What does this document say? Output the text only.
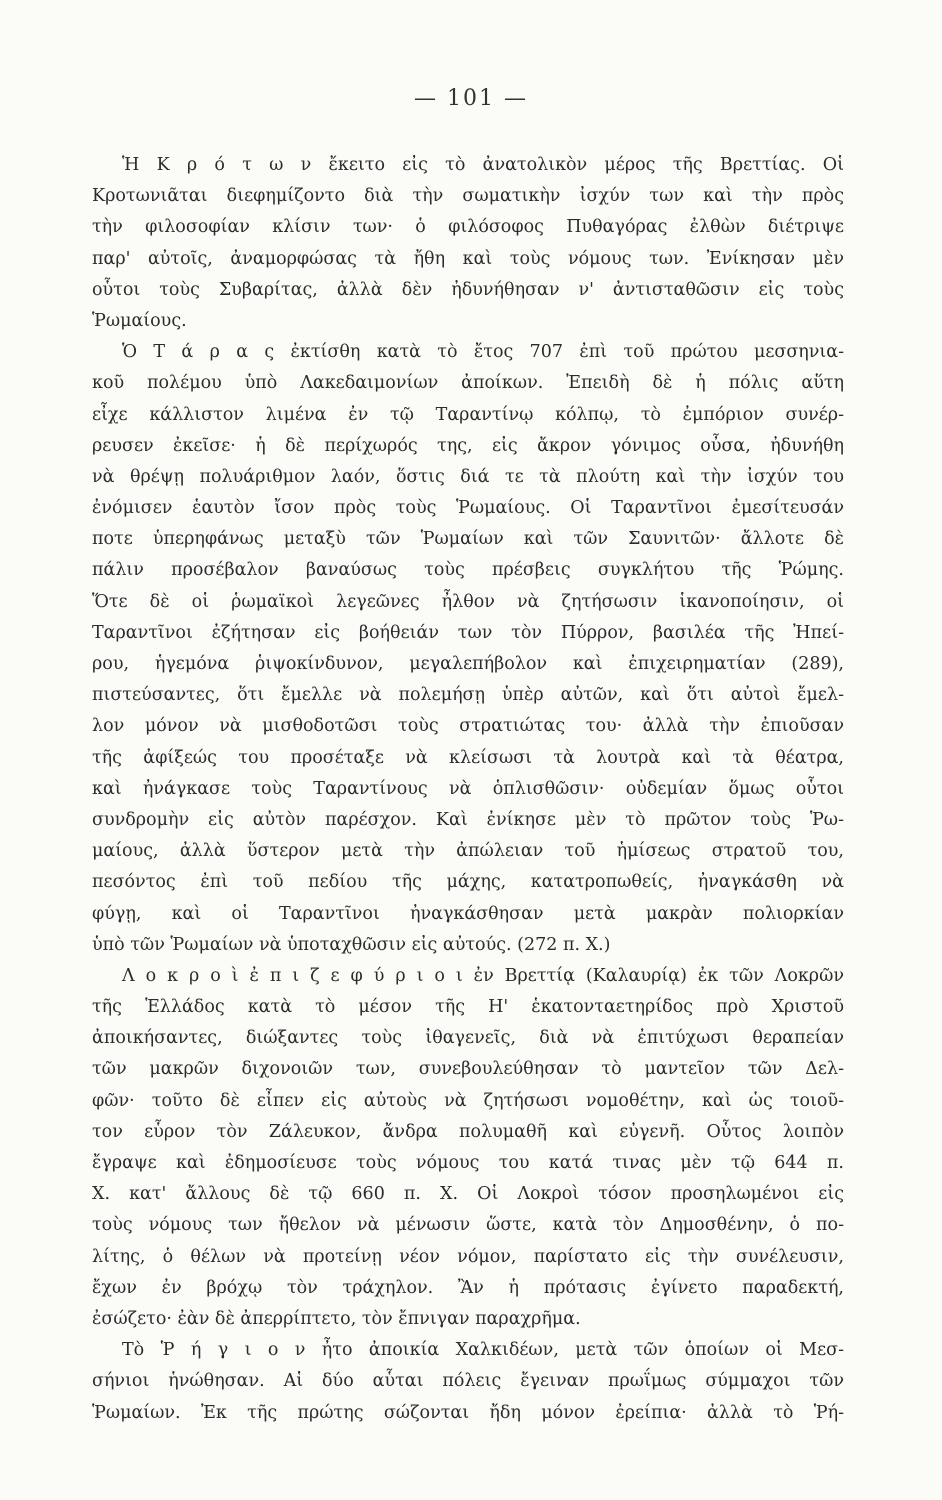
— 101 —
Ἡ Κ ρ ό τ ω ν ἔκειτο εἰς τὸ ἀνατολικὸν μέρος τῆς Βρεττίας. Οἱ
Κροτωνιᾶται διεφημίζοντο διὰ τὴν σωματικὴν ἰσχύν των καὶ τὴν πρὸς
τὴν φιλοσοφίαν κλίσιν των· ὁ φιλόσοφος Πυθαγόρας ἐλθὼν διέτριψε
παρ' αὐτοῖς, ἀναμορφώσας τὰ ἤθη καὶ τοὺς νόμους των. Ἐνίκησαν μὲν
οὗτοι τοὺς Συβαρίτας, ἀλλὰ δὲν ἠδυνήθησαν ν' ἀντισταθῶσιν εἰς τοὺς
Ῥωμαίους.
Ὁ Τ ά ρ α ς ἐκτίσθη κατὰ τὸ ἔτος 707 ἐπὶ τοῦ πρώτου μεσσηνια-
κοῦ πολέμου ὑπὸ Λακεδαιμονίων ἀποίκων. Ἐπειδὴ δὲ ἡ πόλις αὕτη
εἶχε κάλλιστον λιμένα ἐν τῷ Ταραντίνῳ κόλπῳ, τὸ ἐμπόριον συνέρ-
ρευσεν ἐκεῖσε· ἡ δὲ περίχωρός της, εἰς ἄκρον γόνιμος οὖσα, ἠδυνήθη
νὰ θρέψῃ πολυάριθμον λαόν, ὅστις διά τε τὰ πλούτη καὶ τὴν ἰσχύν του
ἐνόμισεν ἑαυτὸν ἴσον πρὸς τοὺς Ῥωμαίους. Οἱ Ταραντῖνοι ἐμεσίτευσάν
ποτε ὑπερηφάνως μεταξὺ τῶν Ῥωμαίων καὶ τῶν Σαυνιτῶν· ἄλλοτε δὲ
πάλιν προσέβαλον βαναύσως τοὺς πρέσβεις συγκλήτου τῆς Ῥώμης.
Ὅτε δὲ οἱ ῥωμαϊκοὶ λεγεῶνες ἦλθον νὰ ζητήσωσιν ἱκανοποίησιν, οἱ
Ταραντῖνοι ἐζήτησαν εἰς βοήθειάν των τὸν Πύρρον, βασιλέα τῆς Ἠπεί-
ρου, ἡγεμόνα ῥιψοκίνδυνον, μεγαλεπήβολον καὶ ἐπιχειρηματίαν (289),
πιστεύσαντες, ὅτι ἔμελλε νὰ πολεμήσῃ ὑπὲρ αὐτῶν, καὶ ὅτι αὐτοὶ ἔμελ-
λον μόνον νὰ μισθοδοτῶσι τοὺς στρατιώτας του· ἀλλὰ τὴν ἐπιοῦσαν
τῆς ἀφίξεώς του προσέταξε νὰ κλείσωσι τὰ λουτρὰ καὶ τὰ θέατρα,
καὶ ἠνάγκασε τοὺς Ταραντίνους νὰ ὁπλισθῶσιν· οὐδεμίαν ὅμως οὗτοι
συνδρομὴν εἰς αὐτὸν παρέσχον. Καὶ ἐνίκησε μὲν τὸ πρῶτον τοὺς Ῥω-
μαίους, ἀλλὰ ὕστερον μετὰ τὴν ἀπώλειαν τοῦ ἡμίσεως στρατοῦ του,
πεσόντος ἐπὶ τοῦ πεδίου τῆς μάχης, κατατροπωθείς, ἠναγκάσθη νὰ
φύγῃ, καὶ οἱ Ταραντῖνοι ἠναγκάσθησαν μετὰ μακρὰν πολιορκίαν
ὑπὸ τῶν Ῥωμαίων νὰ ὑποταχθῶσιν εἰς αὐτούς. (272 π. Χ.)
Λ ο κ ρ ο ὶ ἐ π ι ζ ε φ ύ ρ ι ο ι ἐν Βρεττίᾳ (Καλαυρίᾳ) ἐκ τῶν Λοκρῶν
τῆς Ἑλλάδος κατὰ τὸ μέσον τῆς Η' ἑκατονταετηρίδος πρὸ Χριστοῦ
ἀποικήσαντες, διώξαντες τοὺς ἰθαγενεῖς, διὰ νὰ ἐπιτύχωσι θεραπείαν
τῶν μακρῶν διχονοιῶν των, συνεβουλεύθησαν τὸ μαντεῖον τῶν Δελ-
φῶν· τοῦτο δὲ εἶπεν εἰς αὐτοὺς νὰ ζητήσωσι νομοθέτην, καὶ ὡς τοιοῦ-
τον εὗρον τὸν Ζάλευκον, ἄνδρα πολυμαθῆ καὶ εὐγενῆ. Οὗτος λοιπὸν
ἔγραψε καὶ ἐδημοσίευσε τοὺς νόμους του κατά τινας μὲν τῷ 644 π.
Χ. κατ' ἄλλους δὲ τῷ 660 π. Χ. Οἱ Λοκροὶ τόσον προσηλωμένοι εἰς
τοὺς νόμους των ἤθελον νὰ μένωσιν ὥστε, κατὰ τὸν Δημοσθένην, ὁ πο-
λίτης, ὁ θέλων νὰ προτείνῃ νέον νόμον, παρίστατο εἰς τὴν συνέλευσιν,
ἔχων ἐν βρόχῳ τὸν τράχηλον. Ἂν ἡ πρότασις ἐγίνετο παραδεκτή,
ἐσώζετο· ἐὰν δὲ ἀπερρίπτετο, τὸν ἔπνιγαν παραχρῆμα.
Τὸ Ῥ ή γ ι ο ν ἦτο ἀποικία Χαλκιδέων, μετὰ τῶν ὁποίων οἱ Μεσ-
σήνιοι ἡνώθησαν. Αἱ δύο αὗται πόλεις ἔγειναν πρωΐμως σύμμαχοι τῶν
Ῥωμαίων. Ἐκ τῆς πρώτης σώζονται ἤδη μόνον ἐρείπια· ἀλλὰ τὸ Ῥή-
